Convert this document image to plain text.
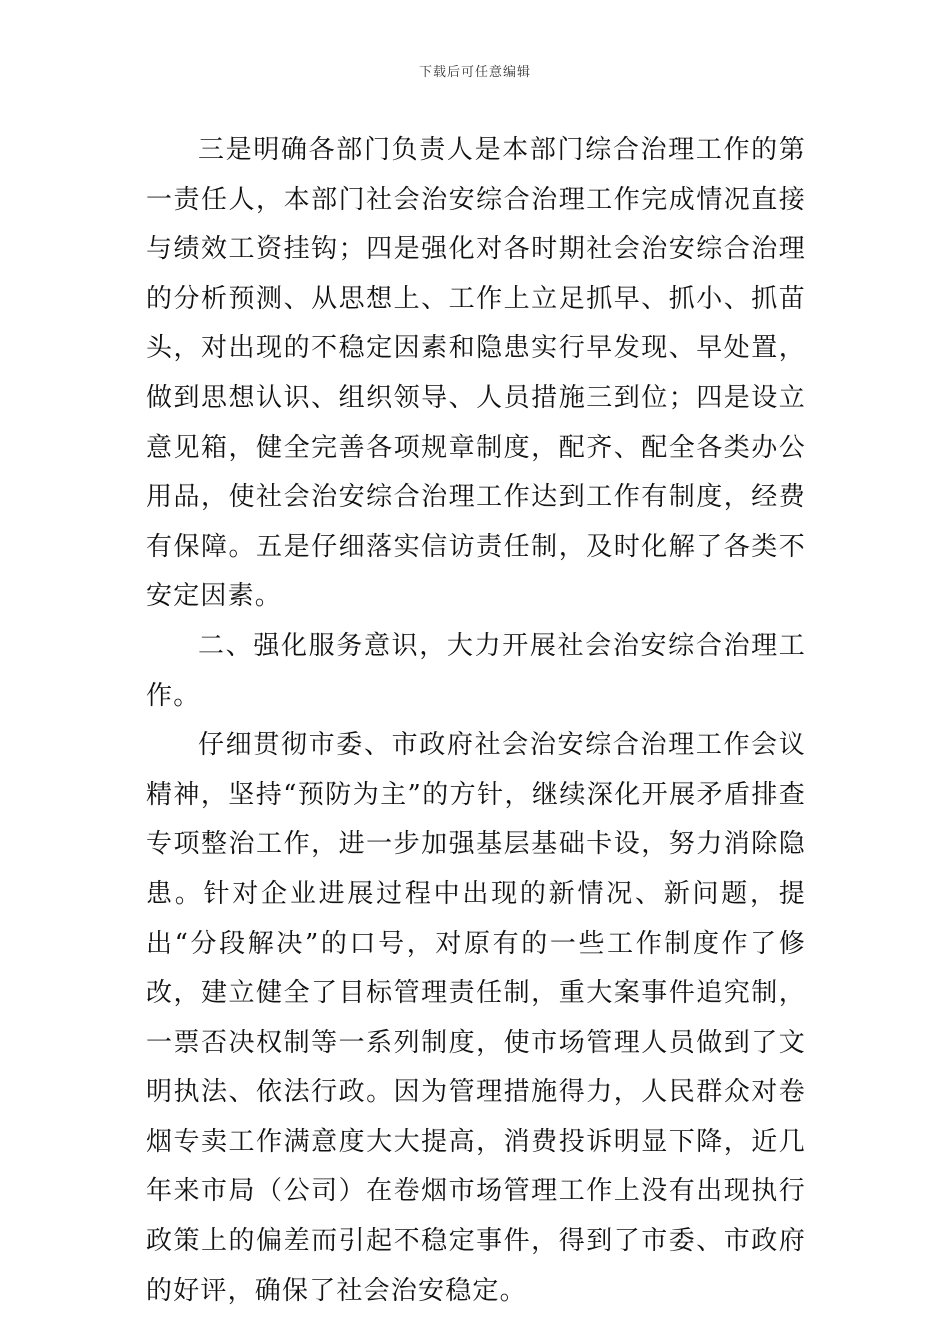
下载后可任意编辑

三是明确各部门负责人是本部门综合治理工作的第一责任人，本部门社会治安综合治理工作完成情况直接与绩效工资挂钩；四是强化对各时期社会治安综合治理的分析预测、从思想上、工作上立足抓早、抓小、抓苗头，对出现的不稳定因素和隐患实行早发现、早处置，做到思想认识、组织领导、人员措施三到位；四是设立意见箱，健全完善各项规章制度，配齐、配全各类办公用品，使社会治安综合治理工作达到工作有制度，经费有保障。五是仔细落实信访责任制，及时化解了各类不安定因素。

二、强化服务意识，大力开展社会治安综合治理工作。

仔细贯彻市委、市政府社会治安综合治理工作会议精神，坚持“预防为主”的方针，继续深化开展矛盾排查专项整治工作，进一步加强基层基础卡设，努力消除隐患。针对企业进展过程中出现的新情况、新问题，提出“分段解决”的口号，对原有的一些工作制度作了修改，建立健全了目标管理责任制，重大案事件追究制，一票否决权制等一系列制度，使市场管理人员做到了文明执法、依法行政。因为管理措施得力，人民群众对卷烟专卖工作满意度大大提高，消费投诉明显下降，近几年来市局（公司）在卷烟市场管理工作上没有出现执行政策上的偏差而引起不稳定事件，得到了市委、市政府的好评，确保了社会治安稳定。
